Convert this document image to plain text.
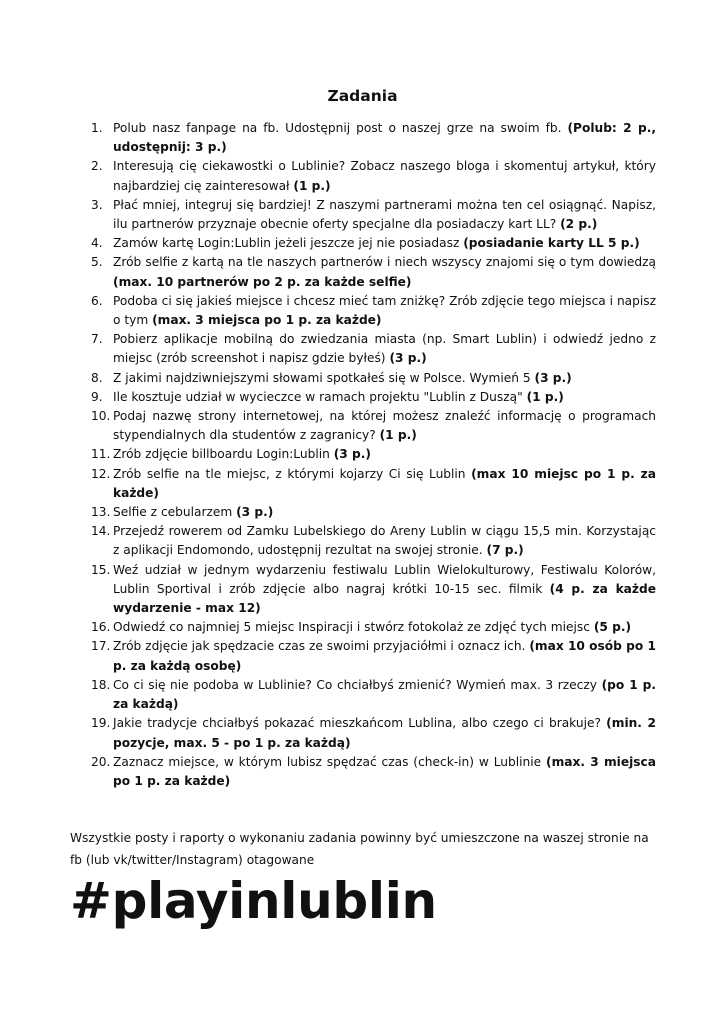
Zadania
1. Polub nasz fanpage na fb. Udostępnij post o naszej grze na swoim fb. (Polub: 2 p., udostępnij: 3 p.)
2. Interesują cię ciekawostki o Lublinie? Zobacz naszego bloga i skomentuj artykuł, który najbardziej cię zainteresował (1 p.)
3. Płać mniej, integruj się bardziej! Z naszymi partnerami można ten cel osiągnąć. Napisz, ilu partnerów przyznaje obecnie oferty specjalne dla posiadaczy kart LL? (2 p.)
4. Zamów kartę Login:Lublin jeżeli jeszcze jej nie posiadasz (posiadanie karty LL 5 p.)
5. Zrób selfie z kartą na tle naszych partnerów i niech wszyscy znajomi się o tym dowiedzą (max. 10 partnerów po 2 p. za każde selfie)
6. Podoba ci się jakieś miejsce i chcesz mieć tam zniżkę? Zrób zdjęcie tego miejsca i napisz o tym (max. 3 miejsca po 1 p. za każde)
7. Pobierz aplikacje mobilną do zwiedzania miasta (np. Smart Lublin) i odwiedź jedno z miejsc (zrób screenshot i napisz gdzie byłeś) (3 p.)
8. Z jakimi najdziwniejszymi słowami spotkałeś się w Polsce. Wymień 5 (3 p.)
9. Ile kosztuje udział w wycieczce w ramach projektu "Lublin z Duszą" (1 p.)
10. Podaj nazwę strony internetowej, na której możesz znaleźć informację o programach stypendialnych dla studentów z zagranicy? (1 p.)
11. Zrób zdjęcie billboardu Login:Lublin (3 p.)
12. Zrób selfie na tle miejsc, z którymi kojarzy Ci się Lublin (max 10 miejsc po 1 p. za każde)
13. Selfie z cebularzem (3 p.)
14. Przejedź rowerem od Zamku Lubelskiego do Areny Lublin w ciągu 15,5 min. Korzystając z aplikacji Endomondo, udostępnij rezultat na swojej stronie. (7 p.)
15. Weź udział w jednym wydarzeniu festiwalu Lublin Wielokulturowy, Festiwalu Kolorów, Lublin Sportival i zrób zdjęcie albo nagraj krótki 10-15 sec. filmik (4 p. za każde wydarzenie - max 12)
16. Odwiedź co najmniej 5 miejsc Inspiracji i stwórz fotokolaż ze zdjęć tych miejsc (5 p.)
17. Zrób zdjęcie jak spędzacie czas ze swoimi przyjaciółmi i oznacz ich. (max 10 osób po 1 p. za każdą osobę)
18. Co ci się nie podoba w Lublinie? Co chciałbyś zmienić? Wymień max. 3 rzeczy (po 1 p. za każdą)
19. Jakie tradycje chciałbyś pokazać mieszkańcom Lublina, albo czego ci brakuje? (min. 2 pozycje, max. 5 - po 1 p. za każdą)
20. Zaznacz miejsce, w którym lubisz spędzać czas (check-in) w Lublinie (max. 3 miejsca po 1 p. za każde)

Wszystkie posty i raporty o wykonaniu zadania powinny być umieszczone na waszej stronie na fb (lub vk/twitter/Instagram) otagowane

#playinlublin
